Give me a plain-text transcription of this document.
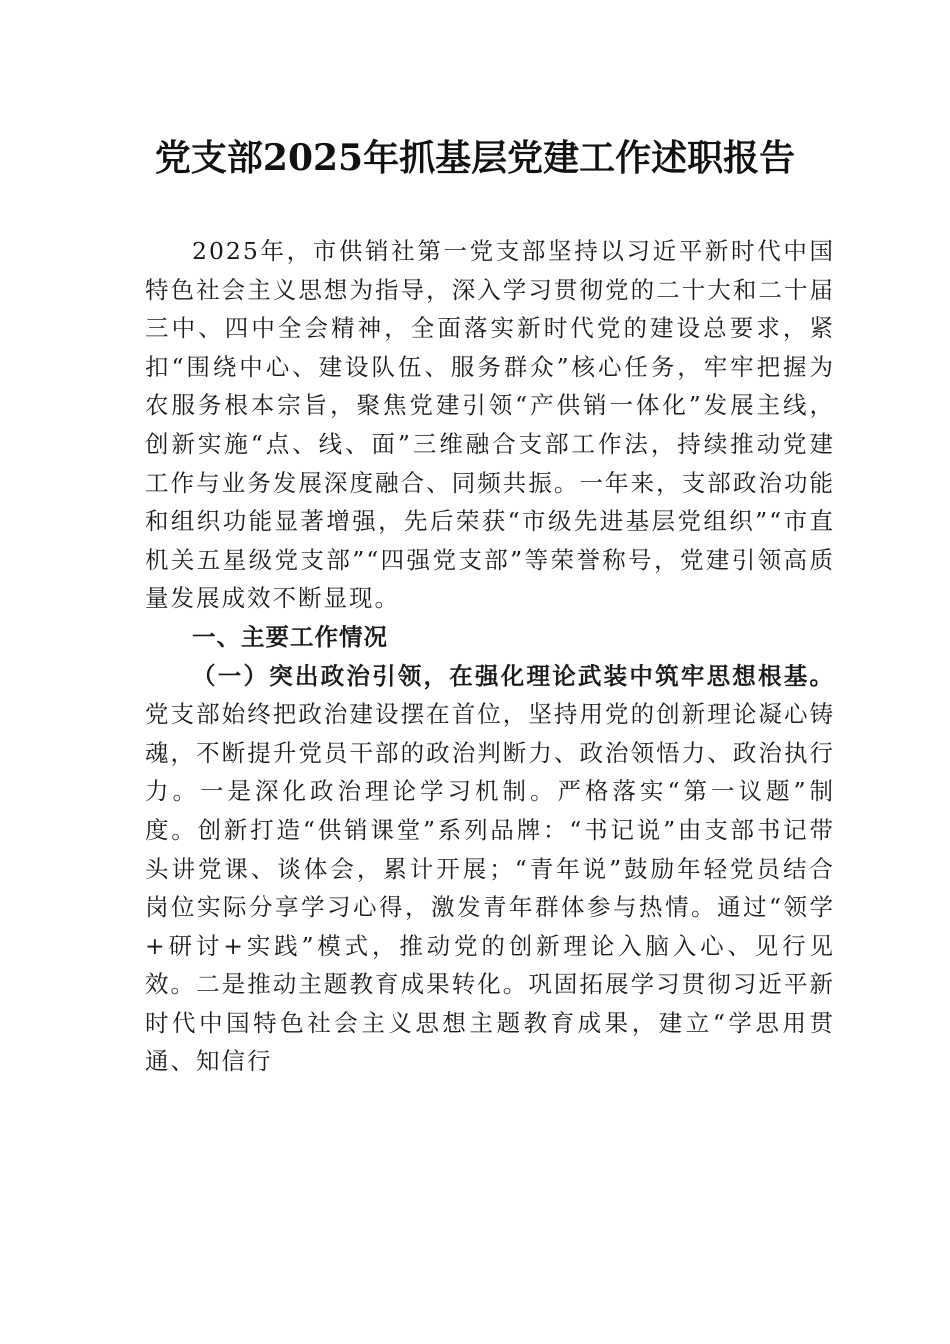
党支部2025年抓基层党建工作述职报告

2025年，市供销社第一党支部坚持以习近平新时代中国特色社会主义思想为指导，深入学习贯彻党的二十大和二十届三中、四中全会精神，全面落实新时代党的建设总要求，紧扣“围绕中心、建设队伍、服务群众”核心任务，牢牢把握为农服务根本宗旨，聚焦党建引领“产供销一体化”发展主线，创新实施“点、线、面”三维融合支部工作法，持续推动党建工作与业务发展深度融合、同频共振。一年来，支部政治功能和组织功能显著增强，先后荣获“市级先进基层党组织”“市直机关五星级党支部”“四强党支部”等荣誉称号，党建引领高质量发展成效不断显现。

一、主要工作情况

（一）突出政治引领，在强化理论武装中筑牢思想根基。党支部始终把政治建设摆在首位，坚持用党的创新理论凝心铸魂，不断提升党员干部的政治判断力、政治领悟力、政治执行力。一是深化政治理论学习机制。严格落实“第一议题”制度。创新打造“供销课堂”系列品牌：“书记说”由支部书记带头讲党课、谈体会，累计开展；“青年说”鼓励年轻党员结合岗位实际分享学习心得，激发青年群体参与热情。通过“领学+研讨+实践”模式，推动党的创新理论入脑入心、见行见效。二是推动主题教育成果转化。巩固拓展学习贯彻习近平新时代中国特色社会主义思想主题教育成果，建立“学思用贯通、知信行
